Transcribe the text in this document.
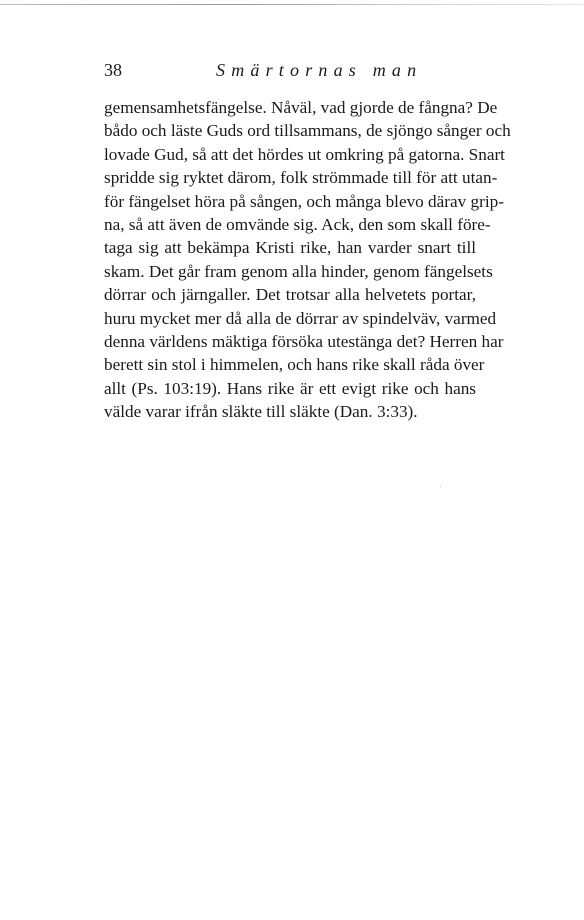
38	Smärtornas man
gemensamhetsfängelse. Nåväl, vad gjorde de fångna? De
bådo och läste Guds ord tillsammans, de sjöngo sånger och
lovade Gud, så att det hördes ut omkring på gatorna. Snart
spridde sig ryktet därom, folk strömmade till för att utan-
för fängelset höra på sången, och många blevo därav grip-
na, så att även de omvände sig. Ack, den som skall före-
taga sig att bekämpa Kristi rike, han varder snart till
skam. Det går fram genom alla hinder, genom fängelsets
dörrar och järngaller. Det trotsar alla helvetets portar,
huru mycket mer då alla de dörrar av spindelväv, varmed
denna världens mäktiga försöka utestänga det? Herren har
berett sin stol i himmelen, och hans rike skall råda över
allt (Ps. 103:19). Hans rike är ett evigt rike och hans
välde varar ifrån släkte till släkte (Dan. 3:33).
